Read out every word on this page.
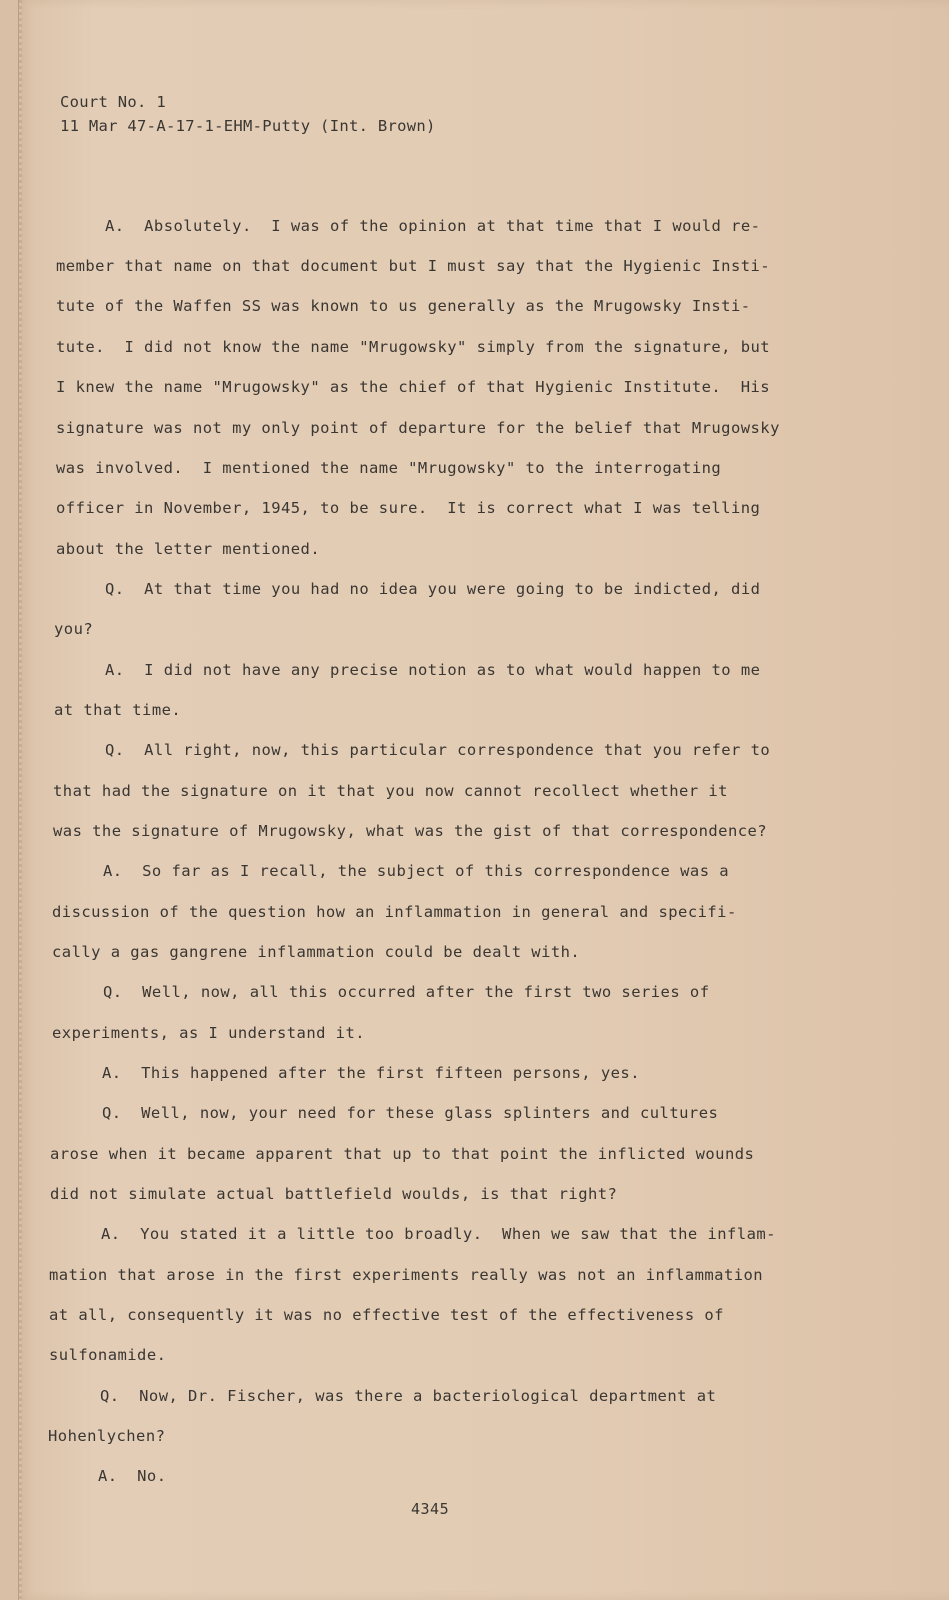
Court No. 1
11 Mar 47-A-17-1-EHM-Putty (Int. Brown)
A.  Absolutely.  I was of the opinion at that time that I would re-
member that name on that document but I must say that the Hygienic Insti-
tute of the Waffen SS was known to us generally as the Mrugowsky Insti-
tute.  I did not know the name "Mrugowsky" simply from the signature, but
I knew the name "Mrugowsky" as the chief of that Hygienic Institute.  His
signature was not my only point of departure for the belief that Mrugowsky
was involved.  I mentioned the name "Mrugowsky" to the interrogating
officer in November, 1945, to be sure.  It is correct what I was telling
about the letter mentioned.
Q.  At that time you had no idea you were going to be indicted, did
you?
A.  I did not have any precise notion as to what would happen to me
at that time.
Q.  All right, now, this particular correspondence that you refer to
that had the signature on it that you now cannot recollect whether it
was the signature of Mrugowsky, what was the gist of that correspondence?
A.  So far as I recall, the subject of this correspondence was a
discussion of the question how an inflammation in general and specifi-
cally a gas gangrene inflammation could be dealt with.
Q.  Well, now, all this occurred after the first two series of
experiments, as I understand it.
A.  This happened after the first fifteen persons, yes.
Q.  Well, now, your need for these glass splinters and cultures
arose when it became apparent that up to that point the inflicted wounds
did not simulate actual battlefield woulds, is that right?
A.  You stated it a little too broadly.  When we saw that the inflam-
mation that arose in the first experiments really was not an inflammation
at all, consequently it was no effective test of the effectiveness of
sulfonamide.
Q.  Now, Dr. Fischer, was there a bacteriological department at
Hohenlychen?
A.  No.
4345
